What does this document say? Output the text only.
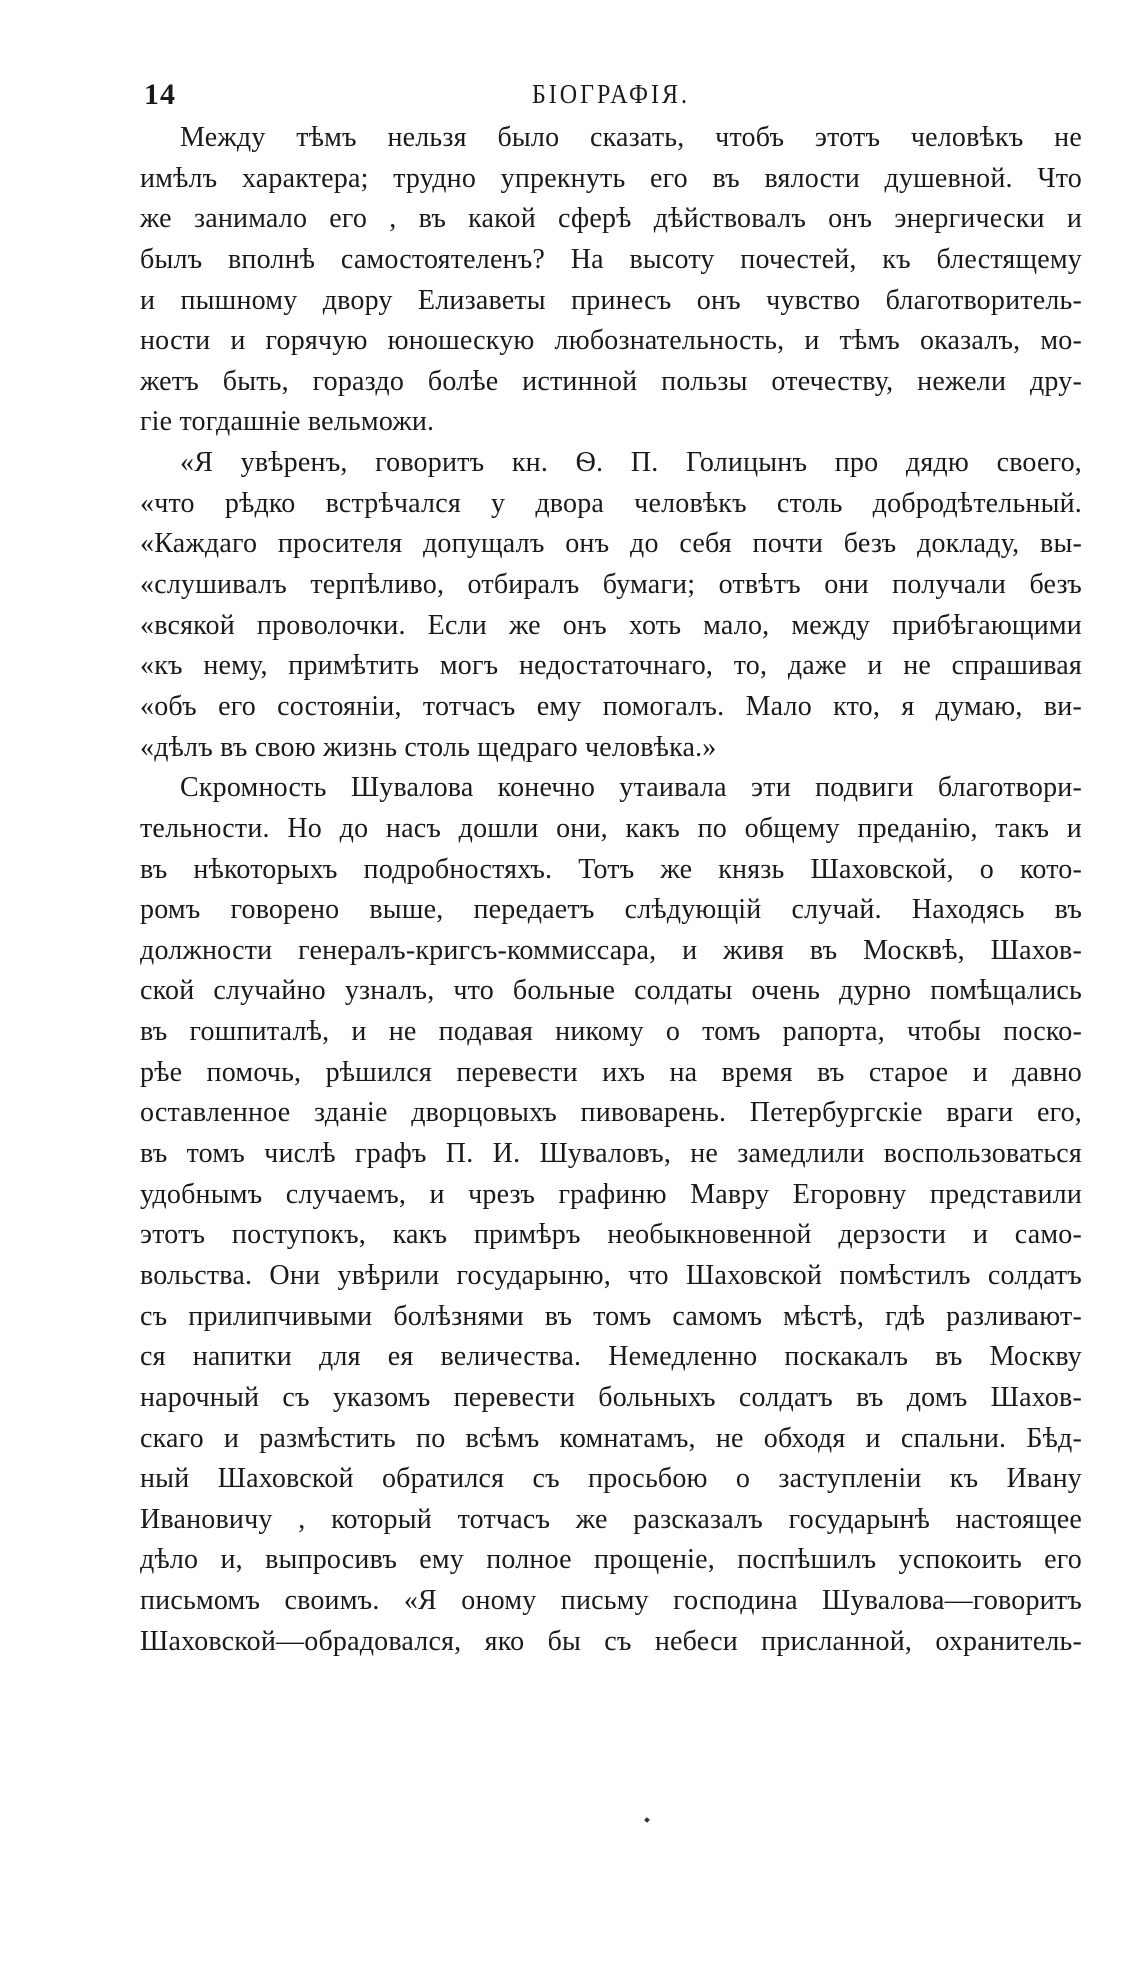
14	БІОГРАФІЯ.
Между тѣмъ нельзя было сказать, чтобъ этотъ человѣкъ не
имѣлъ характера; трудно упрекнуть его въ вялости душевной. Что
же занимало его , въ какой сферѣ дѣйствовалъ онъ энергически и
былъ вполнѣ самостоятеленъ? На высоту почестей, къ блестящему
и пышному двору Елизаветы принесъ онъ чувство благотворитель-
ности и горячую юношескую любознательность, и тѣмъ оказалъ, мо-
жетъ быть, гораздо болѣе истинной пользы отечеству, нежели дру-
гіе тогдашніе вельможи.
«Я увѣренъ, говоритъ кн. Ѳ. П. Голицынъ про дядю своего,
«что рѣдко встрѣчался у двора человѣкъ столь добродѣтельный.
«Каждаго просителя допущалъ онъ до себя почти безъ докладу, вы-
«слушивалъ терпѣливо, отбиралъ бумаги; отвѣтъ они получали безъ
«всякой проволочки. Если же онъ хоть мало, между прибѣгающими
«къ нему, примѣтить могъ недостаточнаго, то, даже и не спрашивая
«объ его состояніи, тотчасъ ему помогалъ. Мало кто, я думаю, ви-
«дѣлъ въ свою жизнь столь щедраго человѣка.»
Скромность Шувалова конечно утаивала эти подвиги благотвори-
тельности. Но до насъ дошли они, какъ по общему преданію, такъ и
въ нѣкоторыхъ подробностяхъ. Тотъ же князь Шаховской, о кото-
ромъ говорено выше, передаетъ слѣдующій случай. Находясь въ
должности генералъ-кригсъ-коммиссара, и живя въ Москвѣ, Шахов-
ской случайно узналъ, что больные солдаты очень дурно помѣщались
въ гошпиталѣ, и не подавая никому о томъ рапорта, чтобы поско-
рѣе помочь, рѣшился перевести ихъ на время въ старое и давно
оставленное зданіе дворцовыхъ пивоварень. Петербургскіе враги его,
въ томъ числѣ графъ П. И. Шуваловъ, не замедлили воспользоваться
удобнымъ случаемъ, и чрезъ графиню Мавру Егоровну представили
этотъ поступокъ, какъ примѣръ необыкновенной дерзости и само-
вольства. Они увѣрили государыню, что Шаховской помѣстилъ солдатъ
съ прилипчивыми болѣзнями въ томъ самомъ мѣстѣ, гдѣ разливают-
ся напитки для ея величества. Немедленно поскакалъ въ Москву
нарочный съ указомъ перевести больныхъ солдатъ въ домъ Шахов-
скаго и размѣстить по всѣмъ комнатамъ, не обходя и спальни. Бѣд-
ный Шаховской обратился съ просьбою о заступленіи къ Ивану
Ивановичу , который тотчасъ же разсказалъ государынѣ настоящее
дѣло и, выпросивъ ему полное прощеніе, поспѣшилъ успокоить его
письмомъ своимъ. «Я оному письму господина Шувалова—говоритъ
Шаховской—обрадовался, яко бы съ небеси присланной, охранитель-
